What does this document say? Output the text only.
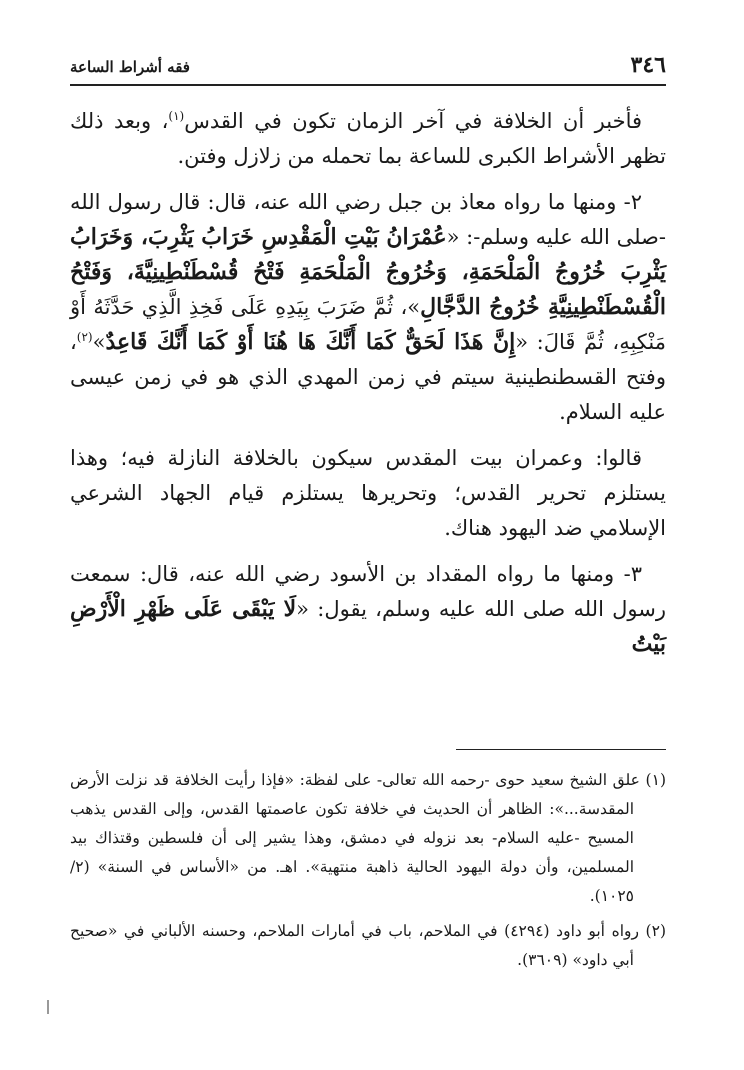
٣٤٦
فقه أشراط الساعة

فأخبر أن الخلافة في آخر الزمان تكون في القدس$^{(١)}$، وبعد ذلك تظهر الأشراط الكبرى للساعة بما تحمله من زلازل وفتن.

٢- ومنها ما رواه معاذ بن جبل رضي الله عنه، قال: قال رسول الله -صلى الله عليه وسلم-: «عُمْرَانُ بَيْتِ الْمَقْدِسِ خَرَابُ يَثْرِبَ، وَخَرَابُ يَثْرِبَ خُرُوجُ الْمَلْحَمَةِ، وَخُرُوجُ الْمَلْحَمَةِ فَتْحُ قُسْطَنْطِينِيَّةَ، وَفَتْحُ الْقُسْطَنْطِينِيَّةِ خُرُوجُ الدَّجَّالِ»، ثُمَّ ضَرَبَ بِيَدِهِ عَلَى فَخِذِ الَّذِي حَدَّثَهُ أَوْ مَنْكِبِهِ، ثُمَّ قَالَ: «إِنَّ هَذَا لَحَقٌّ كَمَا أَنَّكَ هَا هُنَا أَوْ كَمَا أَنَّكَ قَاعِدٌ»$^{(٢)}$، وفتح القسطنطينية سيتم في زمن المهدي الذي هو في زمن عيسى عليه السلام.

قالوا: وعمران بيت المقدس سيكون بالخلافة النازلة فيه؛ وهذا يستلزم تحرير القدس؛ وتحريرها يستلزم قيام الجهاد الشرعي الإسلامي ضد اليهود هناك.

٣- ومنها ما رواه المقداد بن الأسود رضي الله عنه، قال: سمعت رسول الله صلى الله عليه وسلم، يقول: «لَا يَبْقَى عَلَى ظَهْرِ الْأَرْضِ بَيْتُ

(١) علق الشيخ سعيد حوى -رحمه الله تعالى- على لفظة: «فإذا رأيت الخلافة قد نزلت الأرض المقدسة...»: الظاهر أن الحديث في خلافة تكون عاصمتها القدس، وإلى القدس يذهب المسيح -عليه السلام- بعد نزوله في دمشق، وهذا يشير إلى أن فلسطين وقتذاك بيد المسلمين، وأن دولة اليهود الحالية ذاهبة منتهية». اهـ. من «الأساس في السنة» (٢/ ١٠٢٥).

(٢) رواه أبو داود (٤٢٩٤) في الملاحم، باب في أمارات الملاحم، وحسنه الألباني في «صحيح أبي داود» (٣٦٠٩).
